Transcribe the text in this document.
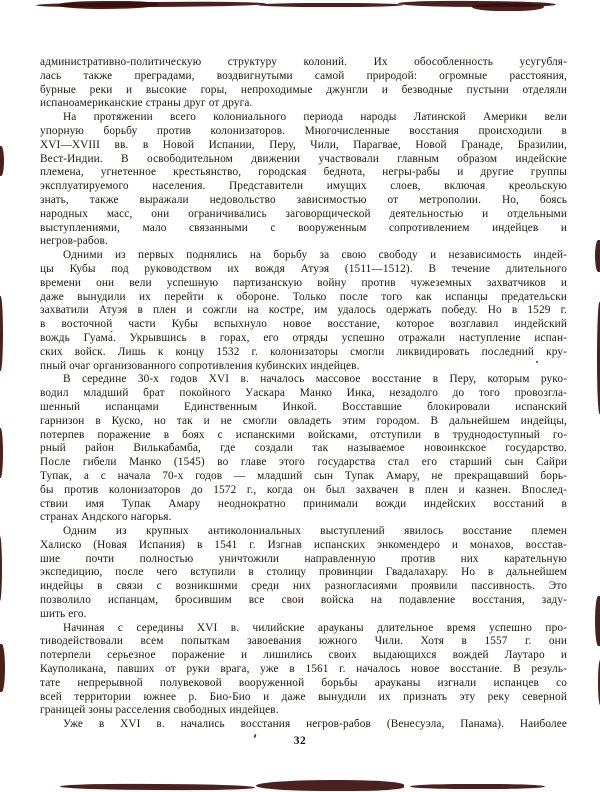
административно-политическую структуру колоний. Их обособленность усугубля-
лась также преградами, воздвигнутыми самой природой: огромные расстояния,
бурные реки и высокие горы, непроходимые джунгли и безводные пустыни отделяли
испаноамериканские страны друг от друга.

На протяжении всего колониального периода народы Латинской Америки вели
упорную борьбу против колонизаторов. Многочисленные восстания происходили в
XVI—XVIII вв. в Новой Испании, Перу, Чили, Парагвае, Новой Гранаде, Бразилии,
Вест-Индии. В освободительном движении участвовали главным образом индейские
племена, угнетенное крестьянство, городская беднота, негры-рабы и другие группы
эксплуатируемого населения. Представители имущих слоев, включая креольскую
знать, также выражали недовольство зависимостью от метрополии. Но, боясь
народных масс, они ограничивались заговорщической деятельностью и отдельными
выступлениями, мало связанными с вооруженным сопротивлением индейцев и
негров-рабов.

Одними из первых поднялись на борьбу за свою свободу и независимость индей-
цы Кубы под руководством их вождя Атуэя (1511—1512). В течение длительного
времени они вели успешную партизанскую войну против чужеземных захватчиков и
даже вынудили их перейти к обороне. Только после того как испанцы предательски
захватили Атуэя в плен и сожгли на костре, им удалось одержать победу. Но в 1529 г.
в восточной части Кубы вспыхнуло новое восстание, которое возглавил индейский
вождь Гуама́. Укрывшись в горах, его отряды успешно отражали наступление испан-
ских войск. Лишь к концу 1532 г. колонизаторы смогли ликвидировать последний кру-
пный очаг организованного сопротивления кубинских индейцев.

В середине 30-х годов XVI в. началось массовое восстание в Перу, которым руко-
водил младший брат покойного Уаскара Манко Инка, незадолго до того провозгла-
шенный испанцами Единственным Инкой. Восставшие блокировали испанский
гарнизон в Куско, но так и не смогли овладеть этим городом. В дальнейшем индейцы,
потерпев поражение в боях с испанскими войсками, отступили в труднодоступный го-
рный район Вилькабамба, где создали так называемое новоинкское государство.
После гибели Манко (1545) во главе этого государства стал его старший сын Сайри
Тупак, а с начала 70-х годов — младший сын Тупак Амару, не прекращавший борь-
бы против колонизаторов до 1572 г., когда он был захвачен в плен и казнен. Впослед-
ствии имя Тупак Амару неоднократно принимали вожди индейских восстаний в
странах Андского нагорья.

Одним из крупных антиколониальных выступлений явилось восстание племен
Халиско (Новая Испания) в 1541 г. Изгнав испанских энкомендеро и монахов, восстав-
шие почти полностью уничтожили направленную против них карательную
экспедицию, после чего вступили в столицу провинции Гвадалахару. Но в дальнейшем
индейцы в связи с возникшими среди них разногласиями проявили пассивность. Это
позволило испанцам, бросившим все свои войска на подавление восстания, заду-
шить его.

Начиная с середины XVI в. чилийские арауканы длительное время успешно про-
тиводействовали всем попыткам завоевания южного Чили. Хотя в 1557 г. они
потерпели серьезное поражение и лишились своих выдающихся вождей Лаутаро и
Кауполикана, павших от руки врага, уже в 1561 г. началось новое восстание. В резуль-
тате непрерывной полувековой вооруженной борьбы арауканы изгнали испанцев со
всей территории южнее р. Био-Био и даже вынудили их признать эту реку северной
границей зоны расселения свободных индейцев.

Уже в XVI в. начались восстания негров-рабов (Венесуэла, Панама). Наиболее

32
